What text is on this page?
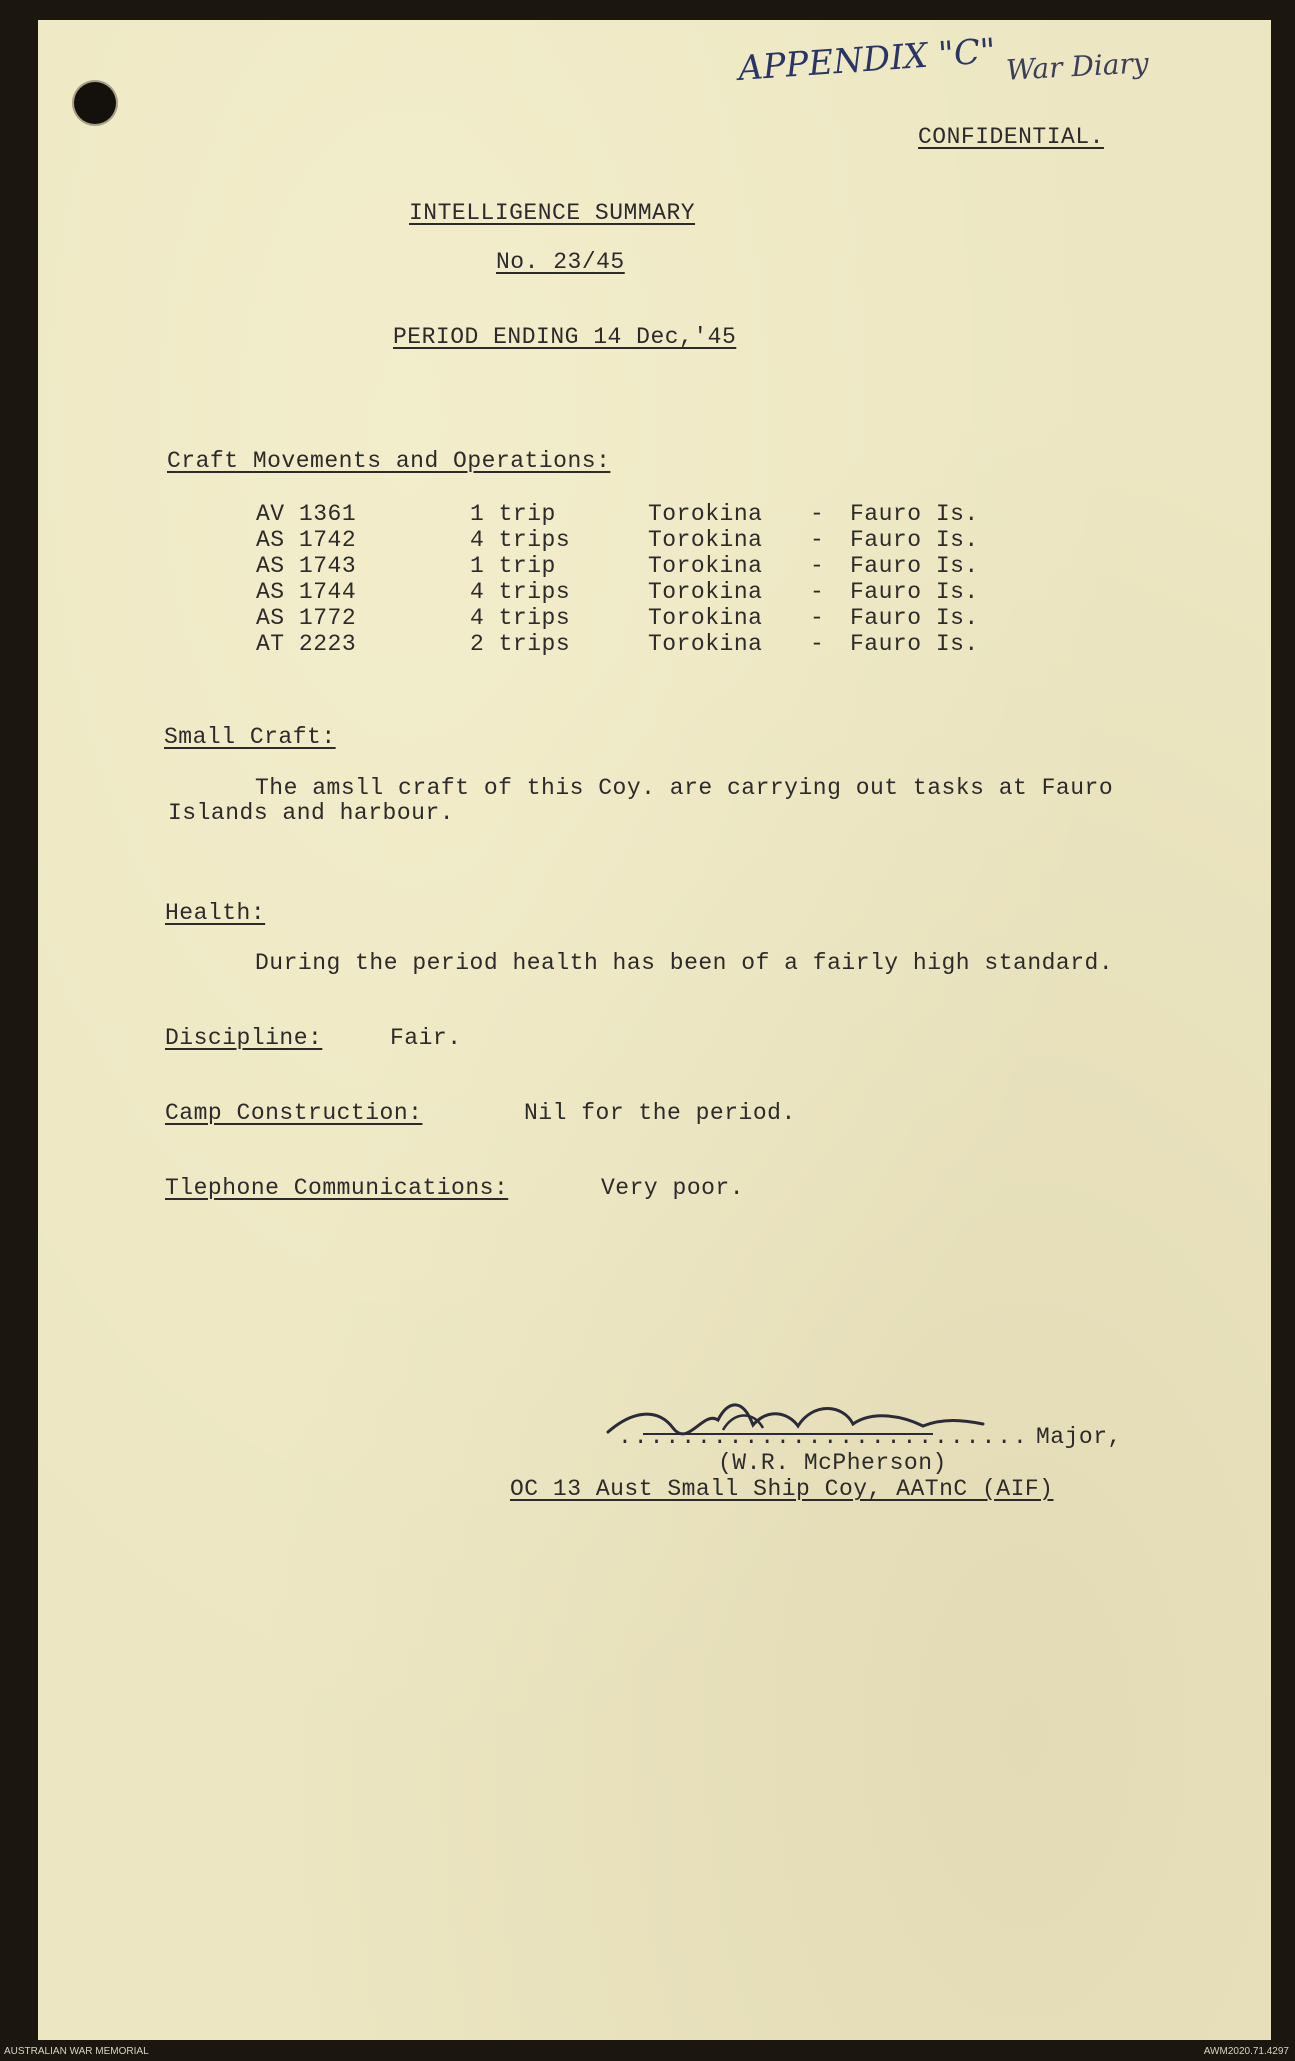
APPENDIX "C" War Diary
CONFIDENTIAL.
INTELLIGENCE SUMMARY
No. 23/45
PERIOD ENDING 14 Dec,'45
Craft Movements and Operations:
AV 1361	1 trip	Torokina	-	Fauro Is.
AS 1742	4 trips	Torokina	-	Fauro Is.
AS 1743	1 trip	Torokina	-	Fauro Is.
AS 1744	4 trips	Torokina	-	Fauro Is.
AS 1772	4 trips	Torokina	-	Fauro Is.
AT 2223	2 trips	Torokina	-	Fauro Is.
Small Craft:
The amsll craft of this Coy. are carrying out tasks at Fauro
Islands and harbour.
Health:
During the period health has been of a fairly high standard.
Discipline:	Fair.
Camp Construction:	Nil for the period.
Tlephone Communications:	Very poor.
.......................... Major,
(W.R. McPherson)
OC 13 Aust Small Ship Coy, AATnC (AIF)
AUSTRALIAN WAR MEMORIAL	AWM2020.71.4297
